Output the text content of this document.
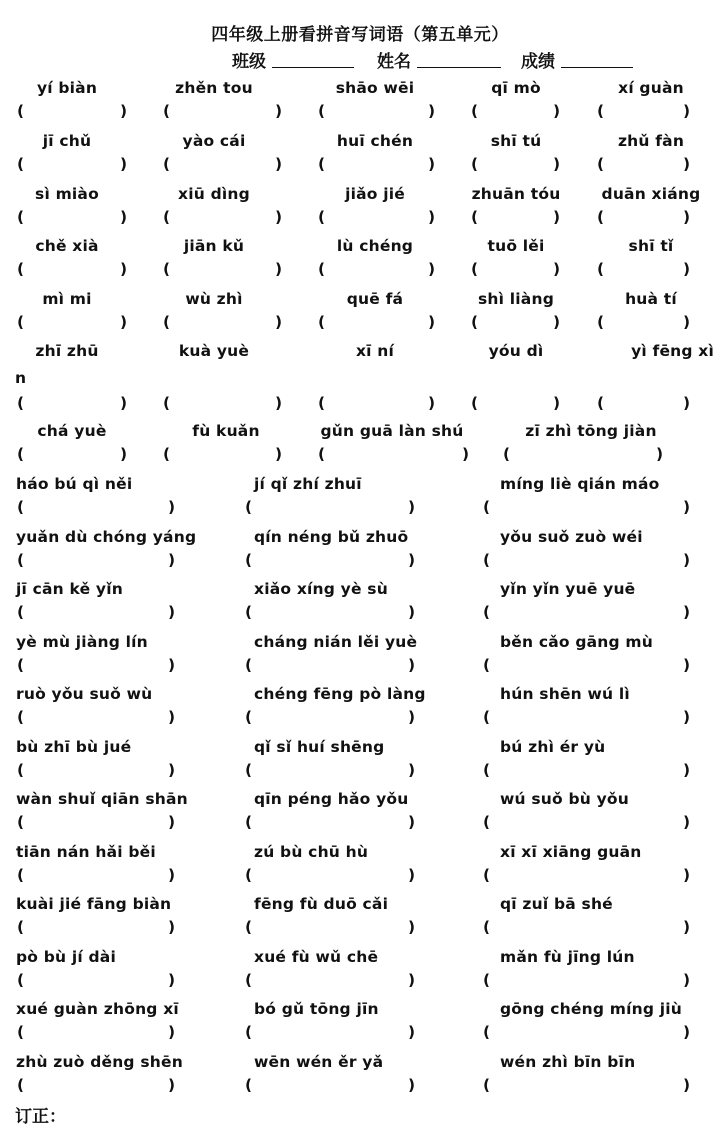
四年级上册看拼音写词语（第五单元）
班级	姓名	成绩
yí biàn	zhěn tou	shāo wēi	qī mò	xí guàn
(	) (	) (	) (	) (	)
jī chǔ	yào cái	huī chén	shī tú	zhǔ fàn
(	) (	) (	) (	) (	)
sì miào	xiū dìng	jiǎo jié	zhuān tóu	duān xiáng
(	) (	) (	) (	) (	)
chě xià	jiān kǔ	lù chéng	tuō lěi	shī tǐ
(	) (	) (	) (	) (	)
mì mi	wù zhì	quē fá	shì liàng	huà tí
(	) (	) (	) (	) (	)
zhī zhū	kuà yuè	xī ní	yóu dì	yì fēng xì
(	) (	) (	) (	) (	)
n
chá yuè	fù kuǎn	gǔn guā làn shú	zī zhì tōng jiàn
(	) (	) (	) (	)
háo bú qì něi	jí qǐ zhí zhuī	míng liè qián máo
(	)	(	)	(	)
yuǎn dù chóng yáng	qín néng bǔ zhuō	yǒu suǒ zuò wéi
(	)	(	)	(	)
jī cān kě yǐn	xiǎo xíng yè sù	yǐn yǐn yuē yuē
(	)	(	)	(	)
yè mù jiàng lín	cháng nián lěi yuè	běn cǎo gāng mù
(	)	(	)	(	)
ruò yǒu suǒ wù	chéng fēng pò làng	hún shēn wú lì
(	)	(	)	(	)
bù zhī bù jué	qǐ sǐ huí shēng	bú zhì ér yù
(	)	(	)	(	)
wàn shuǐ qiān shān	qīn péng hǎo yǒu	wú suǒ bù yǒu
(	)	(	)	(	)
tiān nán hǎi běi	zú bù chū hù	xī xī xiāng guān
(	)	(	)	(	)
kuài jié fāng biàn	fēng fù duō cǎi	qī zuǐ bā shé
(	)	(	)	(	)
pò bù jí dài	xué fù wǔ chē	mǎn fù jīng lún
(	)	(	)	(	)
xué guàn zhōng xī	bó gǔ tōng jīn	gōng chéng míng jiù
(	)	(	)	(	)
zhù zuò děng shēn	wēn wén ěr yǎ	wén zhì bīn bīn
(	)	(	)	(	)
订正：
